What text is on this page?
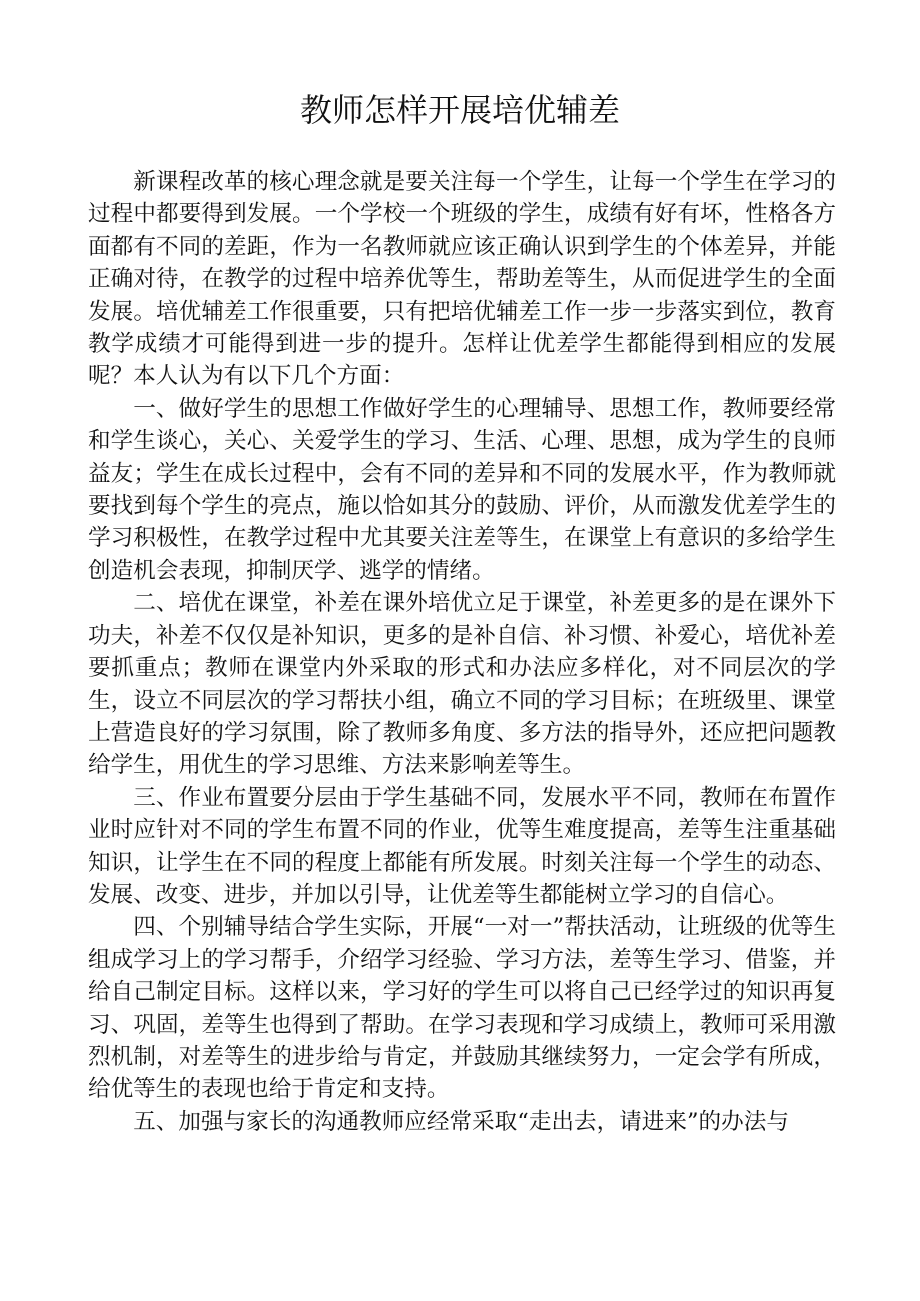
教师怎样开展培优辅差

新课程改革的核心理念就是要关注每一个学生，让每一个学生在学习的过程中都要得到发展。一个学校一个班级的学生，成绩有好有坏，性格各方面都有不同的差距，作为一名教师就应该正确认识到学生的个体差异，并能正确对待，在教学的过程中培养优等生，帮助差等生，从而促进学生的全面发展。培优辅差工作很重要，只有把培优辅差工作一步一步落实到位，教育教学成绩才可能得到进一步的提升。怎样让优差学生都能得到相应的发展呢？本人认为有以下几个方面：

一、做好学生的思想工作做好学生的心理辅导、思想工作，教师要经常和学生谈心，关心、关爱学生的学习、生活、心理、思想，成为学生的良师益友；学生在成长过程中，会有不同的差异和不同的发展水平，作为教师就要找到每个学生的亮点，施以恰如其分的鼓励、评价，从而激发优差学生的学习积极性，在教学过程中尤其要关注差等生，在课堂上有意识的多给学生创造机会表现，抑制厌学、逃学的情绪。

二、培优在课堂，补差在课外培优立足于课堂，补差更多的是在课外下功夫，补差不仅仅是补知识，更多的是补自信、补习惯、补爱心，培优补差要抓重点；教师在课堂内外采取的形式和办法应多样化，对不同层次的学生，设立不同层次的学习帮扶小组，确立不同的学习目标；在班级里、课堂上营造良好的学习氛围，除了教师多角度、多方法的指导外，还应把问题教给学生，用优生的学习思维、方法来影响差等生。

三、作业布置要分层由于学生基础不同，发展水平不同，教师在布置作业时应针对不同的学生布置不同的作业，优等生难度提高，差等生注重基础知识，让学生在不同的程度上都能有所发展。时刻关注每一个学生的动态、发展、改变、进步，并加以引导，让优差等生都能树立学习的自信心。

四、个别辅导结合学生实际，开展“一对一”帮扶活动，让班级的优等生组成学习上的学习帮手，介绍学习经验、学习方法，差等生学习、借鉴，并给自己制定目标。这样以来，学习好的学生可以将自己已经学过的知识再复习、巩固，差等生也得到了帮助。在学习表现和学习成绩上，教师可采用激烈机制，对差等生的进步给与肯定，并鼓励其继续努力，一定会学有所成，给优等生的表现也给于肯定和支持。

五、加强与家长的沟通教师应经常采取“走出去，请进来”的办法与
